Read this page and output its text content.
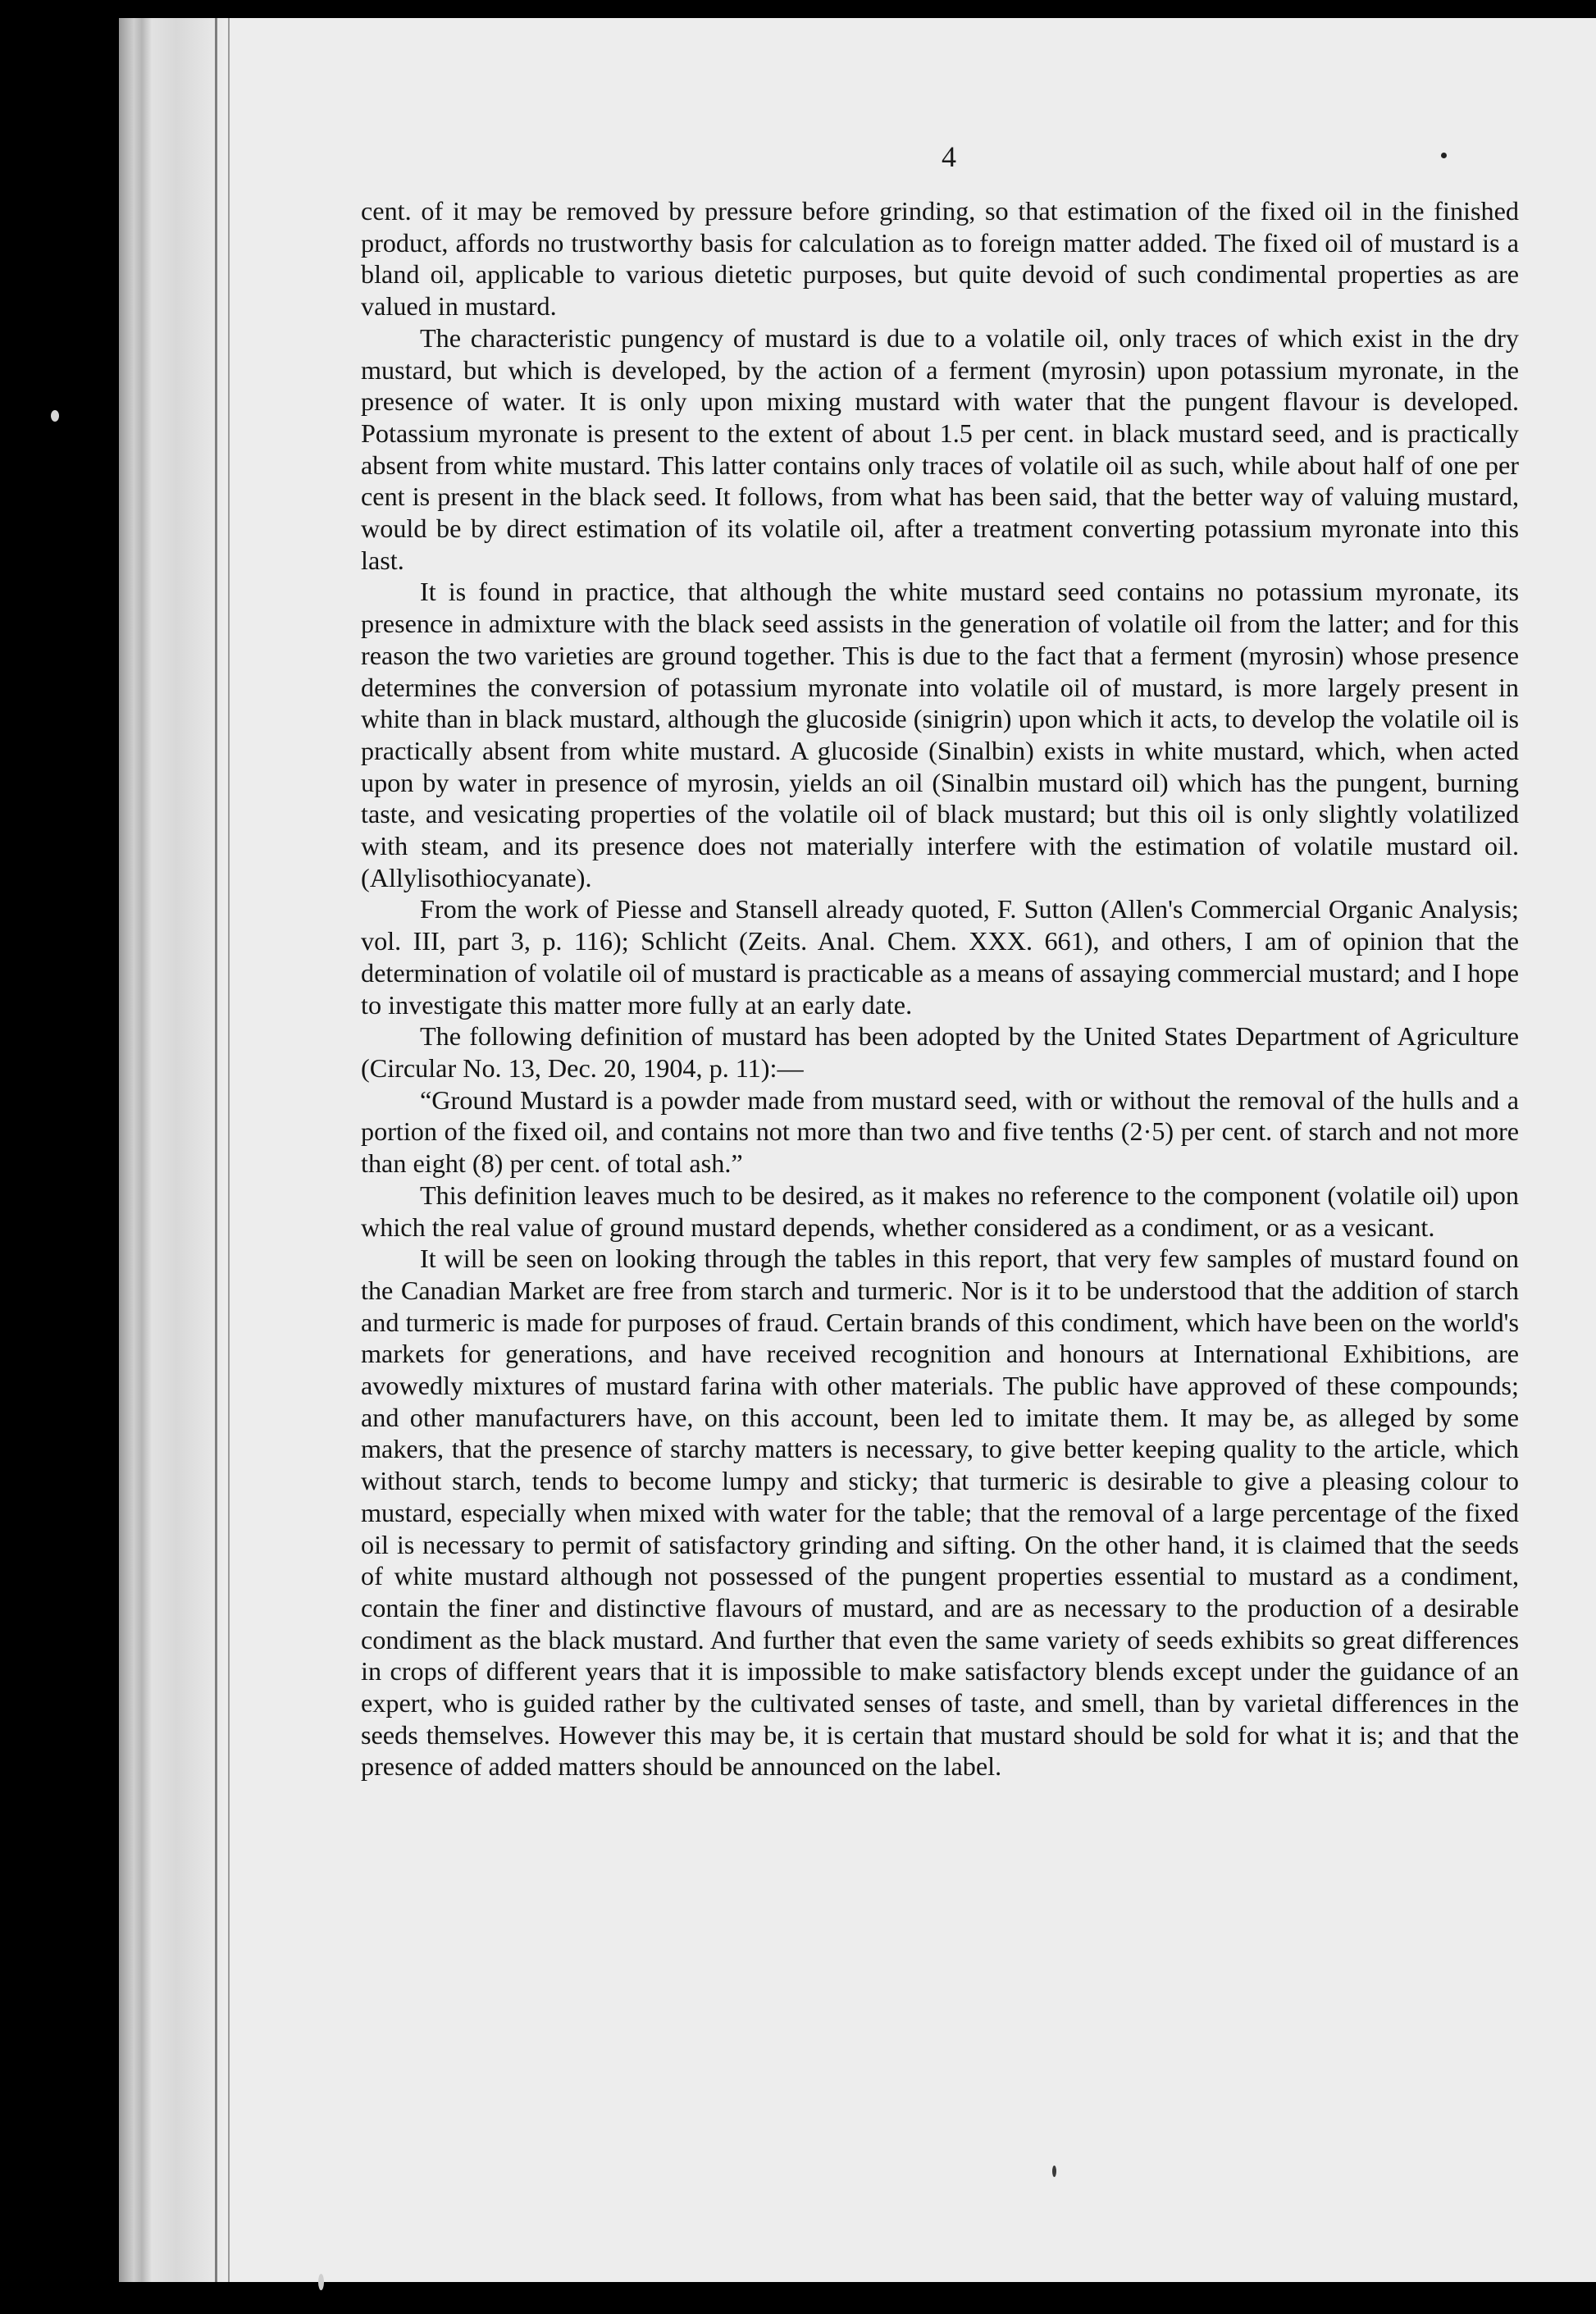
4

cent. of it may be removed by pressure before grinding, so that estimation of the fixed oil in the finished product, affords no trustworthy basis for calculation as to foreign matter added. The fixed oil of mustard is a bland oil, applicable to various dietetic purposes, but quite devoid of such condimental properties as are valued in mustard.

The characteristic pungency of mustard is due to a volatile oil, only traces of which exist in the dry mustard, but which is developed, by the action of a ferment (myrosin) upon potassium myronate, in the presence of water. It is only upon mixing mustard with water that the pungent flavour is developed. Potassium myronate is present to the extent of about 1.5 per cent. in black mustard seed, and is practically absent from white mustard. This latter contains only traces of volatile oil as such, while about half of one per cent is present in the black seed. It follows, from what has been said, that the better way of valuing mustard, would be by direct estimation of its volatile oil, after a treatment converting potassium myronate into this last.

It is found in practice, that although the white mustard seed contains no potassium myronate, its presence in admixture with the black seed assists in the generation of volatile oil from the latter; and for this reason the two varieties are ground together. This is due to the fact that a ferment (myrosin) whose presence determines the conversion of potassium myronate into volatile oil of mustard, is more largely present in white than in black mustard, although the glucoside (sinigrin) upon which it acts, to develop the volatile oil is practically absent from white mustard. A glucoside (Sinalbin) exists in white mustard, which, when acted upon by water in presence of myrosin, yields an oil (Sinalbin mustard oil) which has the pungent, burning taste, and vesicating properties of the volatile oil of black mustard; but this oil is only slightly volatilized with steam, and its presence does not materially interfere with the estimation of volatile mustard oil. (Allylisothiocyanate).

From the work of Piesse and Stansell already quoted, F. Sutton (Allen's Commercial Organic Analysis; vol. III, part 3, p. 116); Schlicht (Zeits. Anal. Chem. XXX. 661), and others, I am of opinion that the determination of volatile oil of mustard is practicable as a means of assaying commercial mustard; and I hope to investigate this matter more fully at an early date.

The following definition of mustard has been adopted by the United States Department of Agriculture (Circular No. 13, Dec. 20, 1904, p. 11):—

“Ground Mustard is a powder made from mustard seed, with or without the removal of the hulls and a portion of the fixed oil, and contains not more than two and five tenths (2·5) per cent. of starch and not more than eight (8) per cent. of total ash.”

This definition leaves much to be desired, as it makes no reference to the component (volatile oil) upon which the real value of ground mustard depends, whether considered as a condiment, or as a vesicant.

It will be seen on looking through the tables in this report, that very few samples of mustard found on the Canadian Market are free from starch and turmeric. Nor is it to be understood that the addition of starch and turmeric is made for purposes of fraud. Certain brands of this condiment, which have been on the world's markets for generations, and have received recognition and honours at International Exhibitions, are avowedly mixtures of mustard farina with other materials. The public have approved of these compounds; and other manufacturers have, on this account, been led to imitate them. It may be, as alleged by some makers, that the presence of starchy matters is necessary, to give better keeping quality to the article, which without starch, tends to become lumpy and sticky; that turmeric is desirable to give a pleasing colour to mustard, especially when mixed with water for the table; that the removal of a large percentage of the fixed oil is necessary to permit of satisfactory grinding and sifting. On the other hand, it is claimed that the seeds of white mustard although not possessed of the pungent properties essential to mustard as a condiment, contain the finer and distinctive flavours of mustard, and are as necessary to the production of a desirable condiment as the black mustard. And further that even the same variety of seeds exhibits so great differences in crops of different years that it is impossible to make satisfactory blends except under the guidance of an expert, who is guided rather by the cultivated senses of taste, and smell, than by varietal differences in the seeds themselves. However this may be, it is certain that mustard should be sold for what it is; and that the presence of added matters should be announced on the label.
